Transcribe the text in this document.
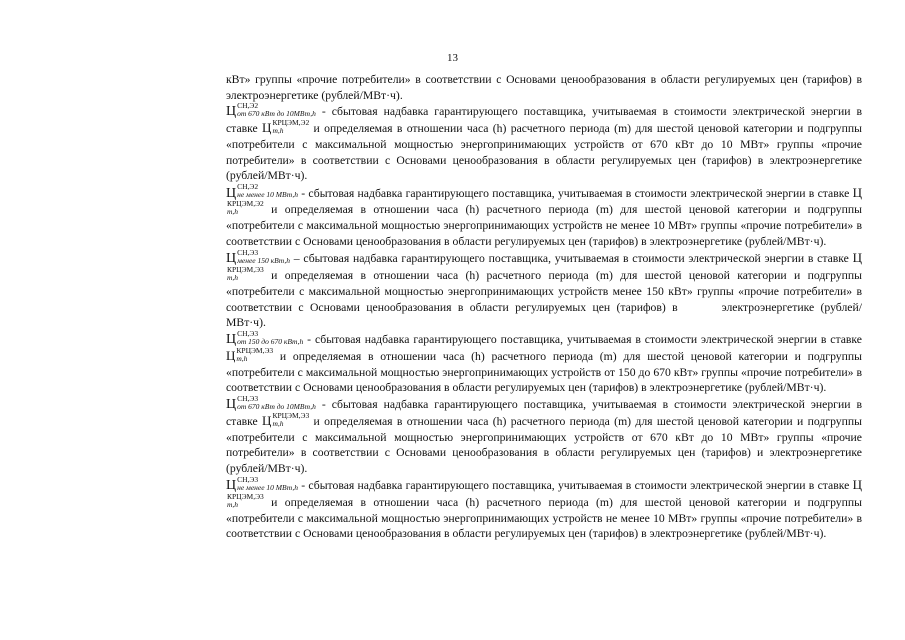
13

кВт» группы «прочие потребители» в соответствии с Основами ценообразования в области регулируемых цен (тарифов) в электроэнергетике (рублей/МВт·ч).

Ц СН,Э2
от 670 кВт до 10МВт,h - сбытовая надбавка гарантирующего поставщика, учитываемая в стоимости электрической энергии в ставке Ц КРЦЭМ,Э2
m,h	и определяемая в отношении часа (h) расчетного периода (m) для шестой ценовой категории и подгруппы «потребители с максимальной мощностью энергопринимающих устройств от 670 кВт до 10 МВт» группы «прочие потребители» в соответствии с Основами ценообразования в области регулируемых цен (тарифов) в электроэнергетике (рублей/МВт·ч).

Ц СН,Э2
не менее 10 МВт,h - сбытовая надбавка гарантирующего поставщика, учитываемая в стоимости электрической энергии в ставке Ц
КРЦЭМ,Э2
m,h	и определяемая в отношении часа (h) расчетного периода (m) для шестой ценовой категории и подгруппы «потребители с максимальной мощностью энергопринимающих устройств не менее 10 МВт» группы «прочие потребители» в соответствии с Основами ценообразования в области регулируемых цен (тарифов) в электроэнергетике (рублей/МВт·ч).

Ц СН,Э3
менее 150 кВт,h – сбытовая надбавка гарантирующего поставщика, учитываемая в стоимости электрической энергии в ставке Ц
КРЦЭМ,Э3
m,h	и определяемая в отношении часа (h) расчетного периода (m) для шестой ценовой категории и подгруппы «потребители с максимальной мощностью энергопринимающих устройств менее 150 кВт» группы «прочие потребители» в соответствии с Основами ценообразования в области регулируемых цен (тарифов) в	электроэнергетике (рублей/МВт·ч).

Ц СН,Э3
от 150 до 670 кВт,h - сбытовая надбавка гарантирующего поставщика, учитываемая в стоимости электрической энергии в ставке Ц КРЦЭМ,Э3
m,h	и определяемая в отношении часа (h) расчетного периода (m) для шестой ценовой категории и подгруппы «потребители с максимальной мощностью энергопринимающих устройств от 150 до 670 кВт» группы «прочие потребители» в соответствии с Основами ценообразования в области регулируемых цен (тарифов) в электроэнергетике (рублей/МВт·ч).

Ц СН,Э3
от 670 кВт до 10МВт,h - сбытовая надбавка гарантирующего поставщика, учитываемая в стоимости электрической энергии в ставке Ц КРЦЭМ,Э3
m,h	и определяемая в отношении часа (h) расчетного периода (m) для шестой ценовой категории и подгруппы «потребители с максимальной мощностью энергопринимающих устройств от 670 кВт до 10 МВт» группы «прочие потребители» в соответствии с Основами ценообразования в области регулируемых цен (тарифов) и электроэнергетике (рублей/МВт·ч).

Ц СН,Э3
не менее 10 МВт,h - сбытовая надбавка гарантирующего поставщика, учитываемая в стоимости электрической энергии в ставке Ц
КРЦЭМ,Э3
m,h	и определяемая в отношении часа (h) расчетного периода (m) для шестой ценовой категории и подгруппы «потребители с максимальной мощностью энергопринимающих устройств не менее 10 МВт» группы «прочие потребители» в соответствии с Основами ценообразования в области регулируемых цен (тарифов) в электроэнергетике (рублей/МВт·ч).
